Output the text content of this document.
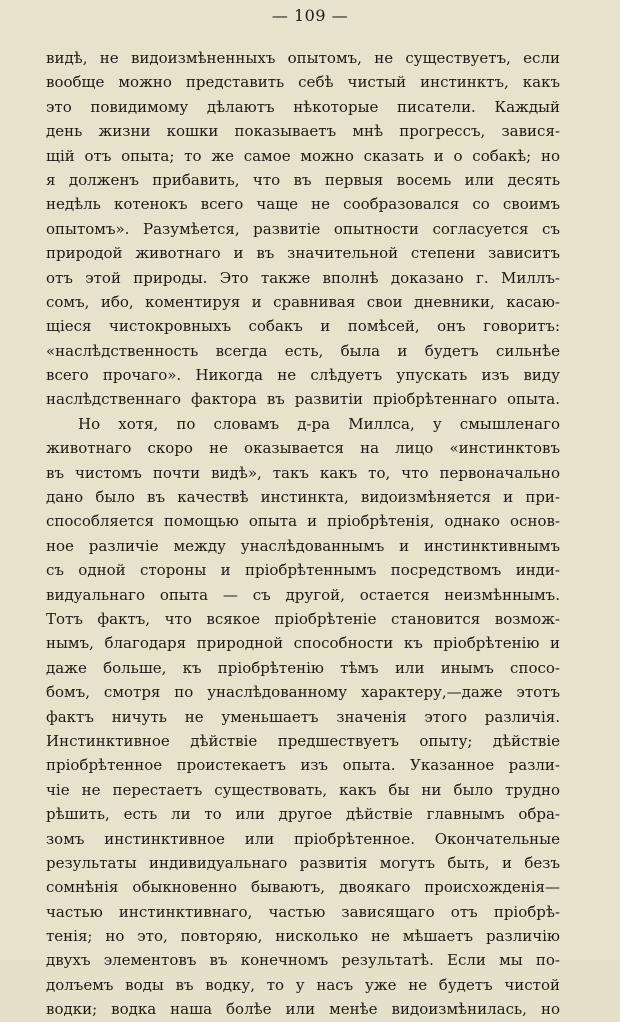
— 109 —
видѣ, не видоизмѣненныхъ опытомъ, не существуетъ, если
вообще можно представить себѣ чистый инстинктъ, какъ
это повидимому дѣлаютъ нѣкоторые писатели. Каждый
день жизни кошки показываетъ мнѣ прогрессъ, завися-
щій отъ опыта; то же самое можно сказать и о собакѣ; но
я долженъ прибавить, что въ первыя восемь или десять
недѣль котенокъ всего чаще не сообразовался со своимъ
опытомъ». Разумѣется, развитіе опытности согласуется съ
природой животнаго и въ значительной степени зависитъ
отъ этой природы. Это также вполнѣ доказано г. Миллъ-
сомъ, ибо, коментируя и сравнивая свои дневники, касаю-
щіеся чистокровныхъ собакъ и помѣсей, онъ говоритъ:
«наслѣдственность всегда есть, была и будетъ сильнѣе
всего прочаго». Никогда не слѣдуетъ упускать изъ виду
наслѣдственнаго фактора въ развитіи пріобрѣтеннаго опыта.
Но хотя, по словамъ д-ра Миллса, у смышленаго
животнаго скоро не оказывается на лицо «инстинктовъ
въ чистомъ почти видѣ», такъ какъ то, что первоначально
дано было въ качествѣ инстинкта, видоизмѣняется и при-
способляется помощью опыта и пріобрѣтенія, однако основ-
ное различіе между унаслѣдованнымъ и инстинктивнымъ
съ одной стороны и пріобрѣтеннымъ посредствомъ инди-
видуальнаго опыта — съ другой, остается неизмѣннымъ.
Тотъ фактъ, что всякое пріобрѣтеніе становится возмож-
нымъ, благодаря природной способности къ пріобрѣтенію и
даже больше, къ пріобрѣтенію тѣмъ или инымъ спосо-
бомъ, смотря по унаслѣдованному характеру,—даже этотъ
фактъ ничуть не уменьшаетъ значенія этого различія.
Инстинктивное дѣйствіе предшествуетъ опыту; дѣйствіе
пріобрѣтенное проистекаетъ изъ опыта. Указанное разли-
чіе не перестаетъ существовать, какъ бы ни было трудно
рѣшить, есть ли то или другое дѣйствіе главнымъ обра-
зомъ инстинктивное или пріобрѣтенное. Окончательные
результаты индивидуальнаго развитія могутъ быть, и безъ
сомнѣнія обыкновенно бываютъ, двоякаго происхожденія—
частью инстинктивнаго, частью зависящаго отъ пріобрѣ-
тенія; но это, повторяю, нисколько не мѣшаетъ различію
двухъ элементовъ въ конечномъ результатѣ. Если мы по-
долъемъ воды въ водку, то у насъ уже не будетъ чистой
водки; водка наша болѣе или менѣе видоизмѣнилась, но
